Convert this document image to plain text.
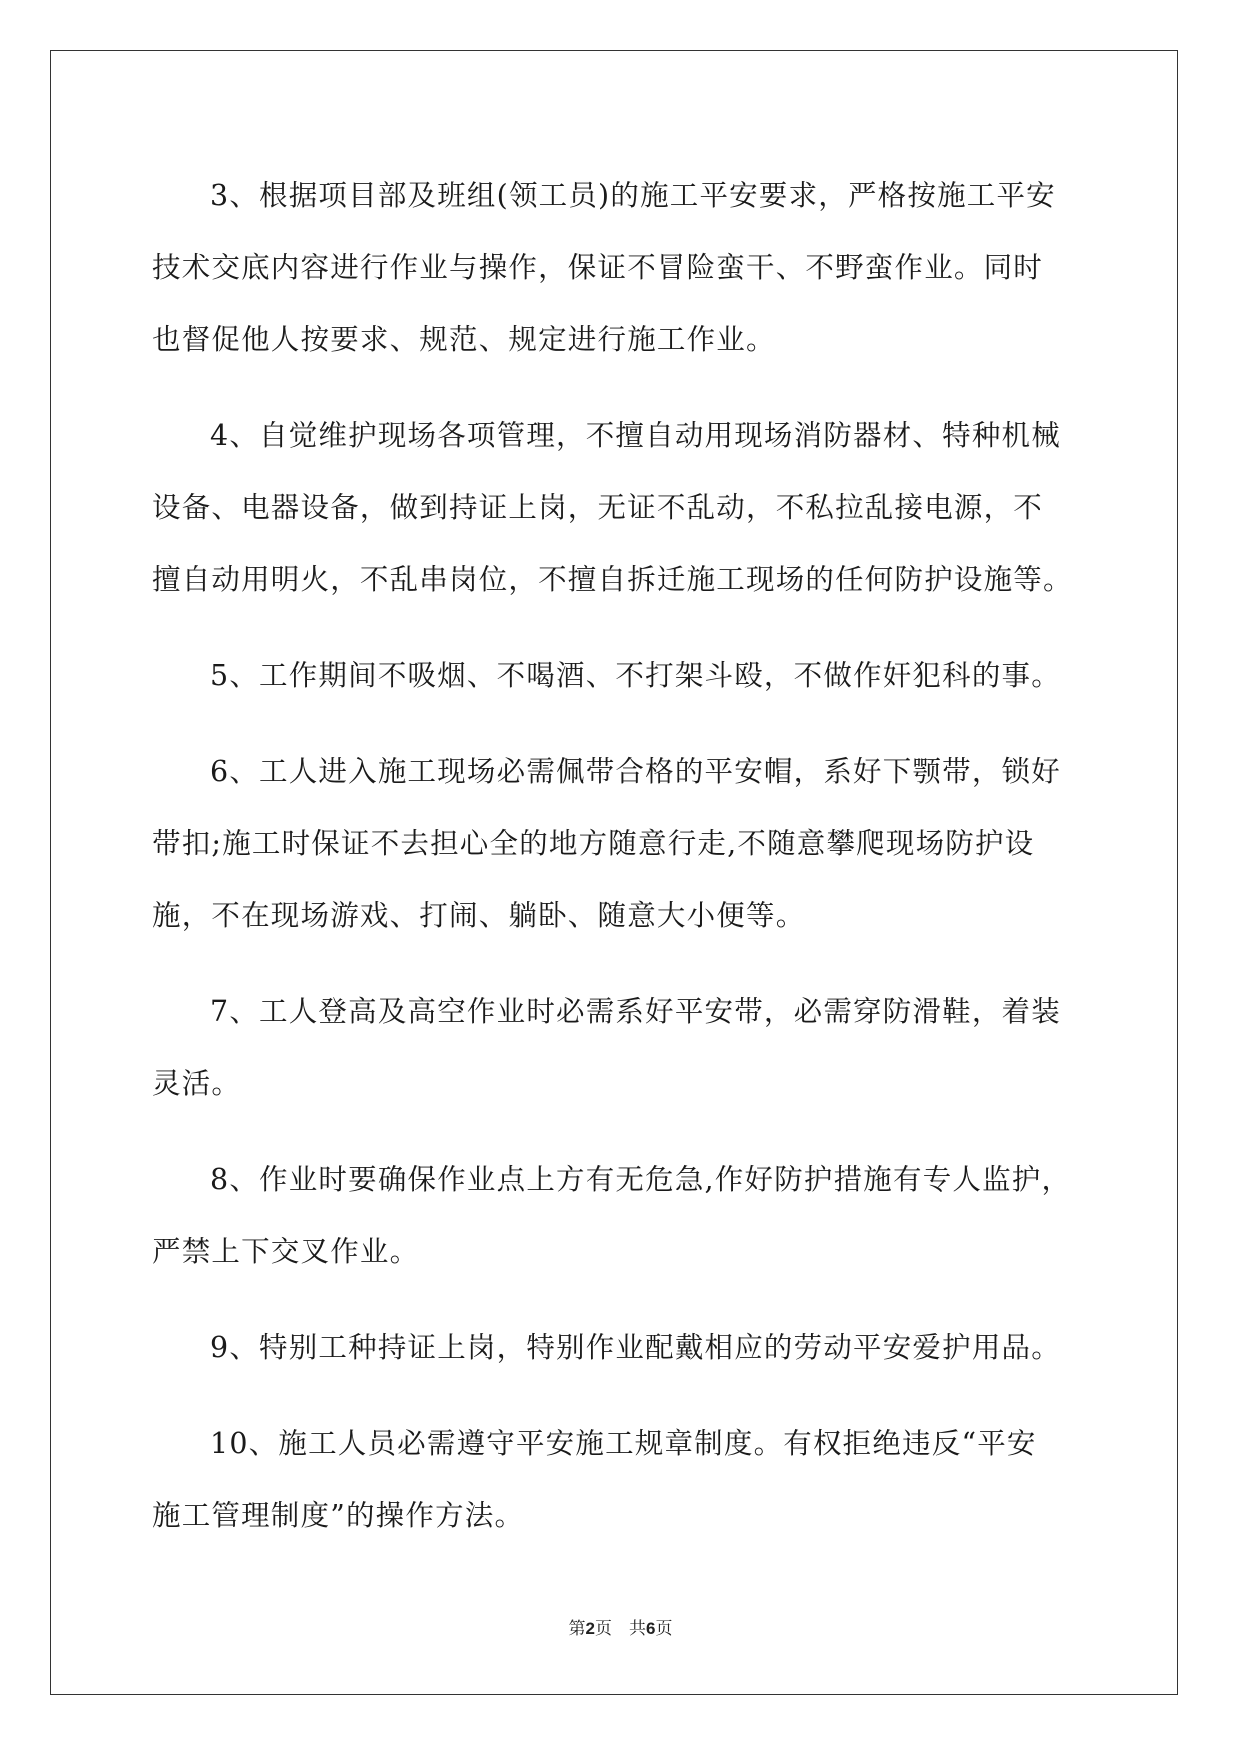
3、根据项目部及班组(领工员)的施工平安要求，严格按施工平安
技术交底内容进行作业与操作，保证不冒险蛮干、不野蛮作业。同时
也督促他人按要求、规范、规定进行施工作业。
4、自觉维护现场各项管理，不擅自动用现场消防器材、特种机械
设备、电器设备，做到持证上岗，无证不乱动，不私拉乱接电源，不
擅自动用明火，不乱串岗位，不擅自拆迁施工现场的任何防护设施等。
5、工作期间不吸烟、不喝酒、不打架斗殴，不做作奸犯科的事。
6、工人进入施工现场必需佩带合格的平安帽，系好下颚带，锁好
带扣;施工时保证不去担心全的地方随意行走,不随意攀爬现场防护设
施，不在现场游戏、打闹、躺卧、随意大小便等。
7、工人登高及高空作业时必需系好平安带，必需穿防滑鞋，着装
灵活。
8、作业时要确保作业点上方有无危急,作好防护措施有专人监护，
严禁上下交叉作业。
9、特别工种持证上岗，特别作业配戴相应的劳动平安爱护用品。
10、施工人员必需遵守平安施工规章制度。有权拒绝违反“平安
施工管理制度”的操作方法。
第2页　共6页
